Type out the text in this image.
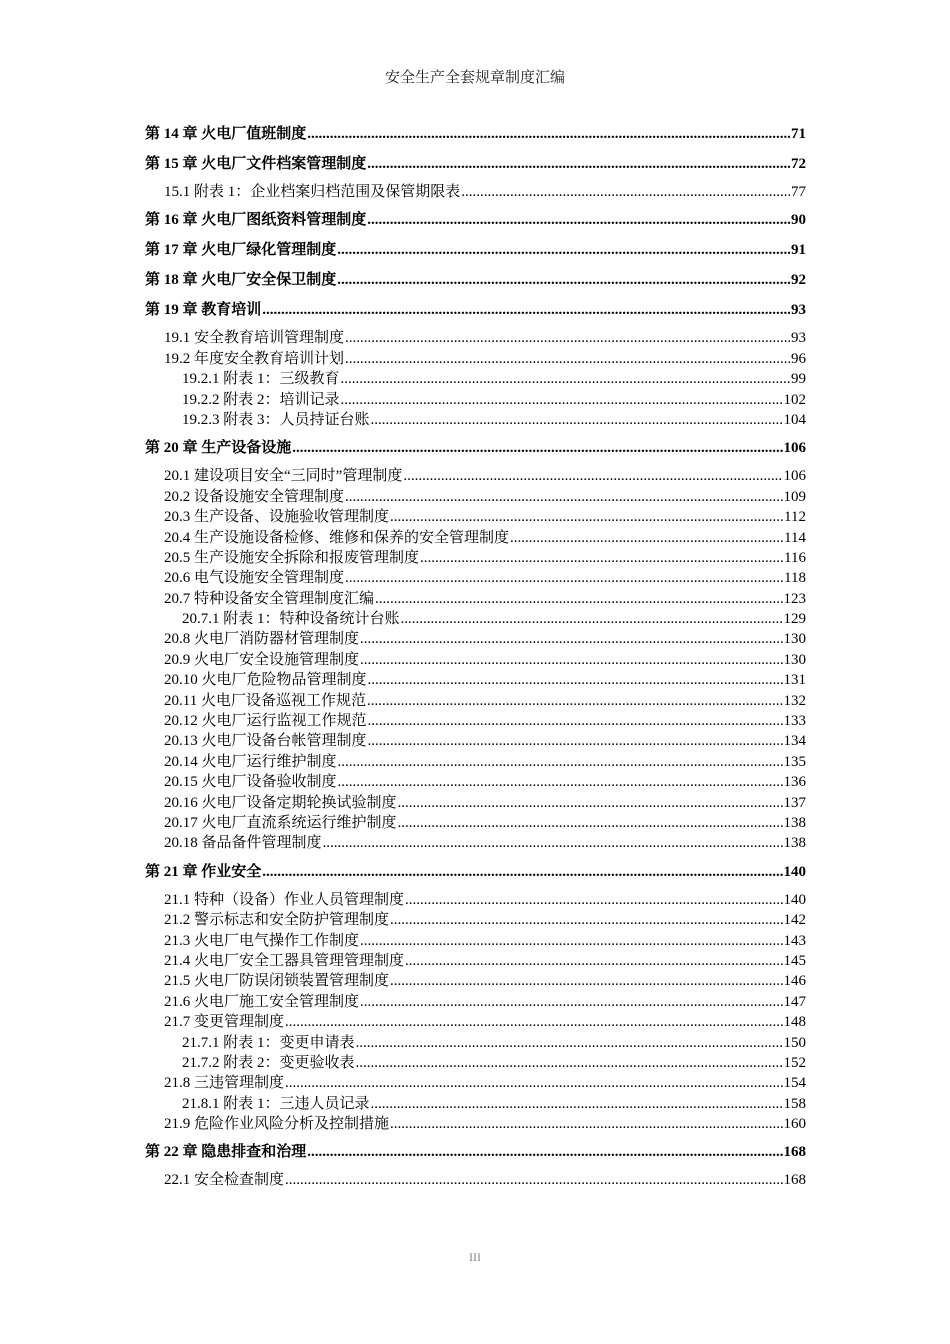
安全生产全套规章制度汇编
第 14 章 火电厂值班制度 .....	71
第 15 章 火电厂文件档案管理制度 .....	72
15.1 附表 1：企业档案归档范围及保管期限表 .....	77
第 16 章 火电厂图纸资料管理制度 .....	90
第 17 章 火电厂绿化管理制度 .....	91
第 18 章 火电厂安全保卫制度 .....	92
第 19 章 教育培训 .....	93
19.1 安全教育培训管理制度 .....	93
19.2 年度安全教育培训计划 .....	96
19.2.1 附表 1：三级教育 .....	99
19.2.2 附表 2：培训记录 .....	102
19.2.3 附表 3：人员持证台账 .....	104
第 20 章 生产设备设施 .....	106
20.1 建设项目安全“三同时”管理制度 .....	106
20.2 设备设施安全管理制度 .....	109
20.3 生产设备、设施验收管理制度 .....	112
20.4 生产设施设备检修、维修和保养的安全管理制度 .....	114
20.5 生产设施安全拆除和报废管理制度 .....	116
20.6 电气设施安全管理制度 .....	118
20.7 特种设备安全管理制度汇编 .....	123
20.7.1 附表 1：特种设备统计台账 .....	129
20.8 火电厂消防器材管理制度 .....	130
20.9 火电厂安全设施管理制度 .....	130
20.10 火电厂危险物品管理制度 .....	131
20.11 火电厂设备巡视工作规范 .....	132
20.12 火电厂运行监视工作规范 .....	133
20.13 火电厂设备台帐管理制度 .....	134
20.14 火电厂运行维护制度 .....	135
20.15 火电厂设备验收制度 .....	136
20.16 火电厂设备定期轮换试验制度 .....	137
20.17 火电厂直流系统运行维护制度 .....	138
20.18 备品备件管理制度 .....	138
第 21 章 作业安全 .....	140
21.1 特种（设备）作业人员管理制度 .....	140
21.2 警示标志和安全防护管理制度 .....	142
21.3 火电厂电气操作工作制度 .....	143
21.4 火电厂安全工器具管理管理制度 .....	145
21.5 火电厂防误闭锁装置管理制度 .....	146
21.6 火电厂施工安全管理制度 .....	147
21.7 变更管理制度 .....	148
21.7.1 附表 1：变更申请表 .....	150
21.7.2 附表 2：变更验收表 .....	152
21.8 三违管理制度 .....	154
21.8.1 附表 1：三违人员记录 .....	158
21.9 危险作业风险分析及控制措施 .....	160
第 22 章 隐患排查和治理 .....	168
22.1 安全检查制度 .....	168
III
